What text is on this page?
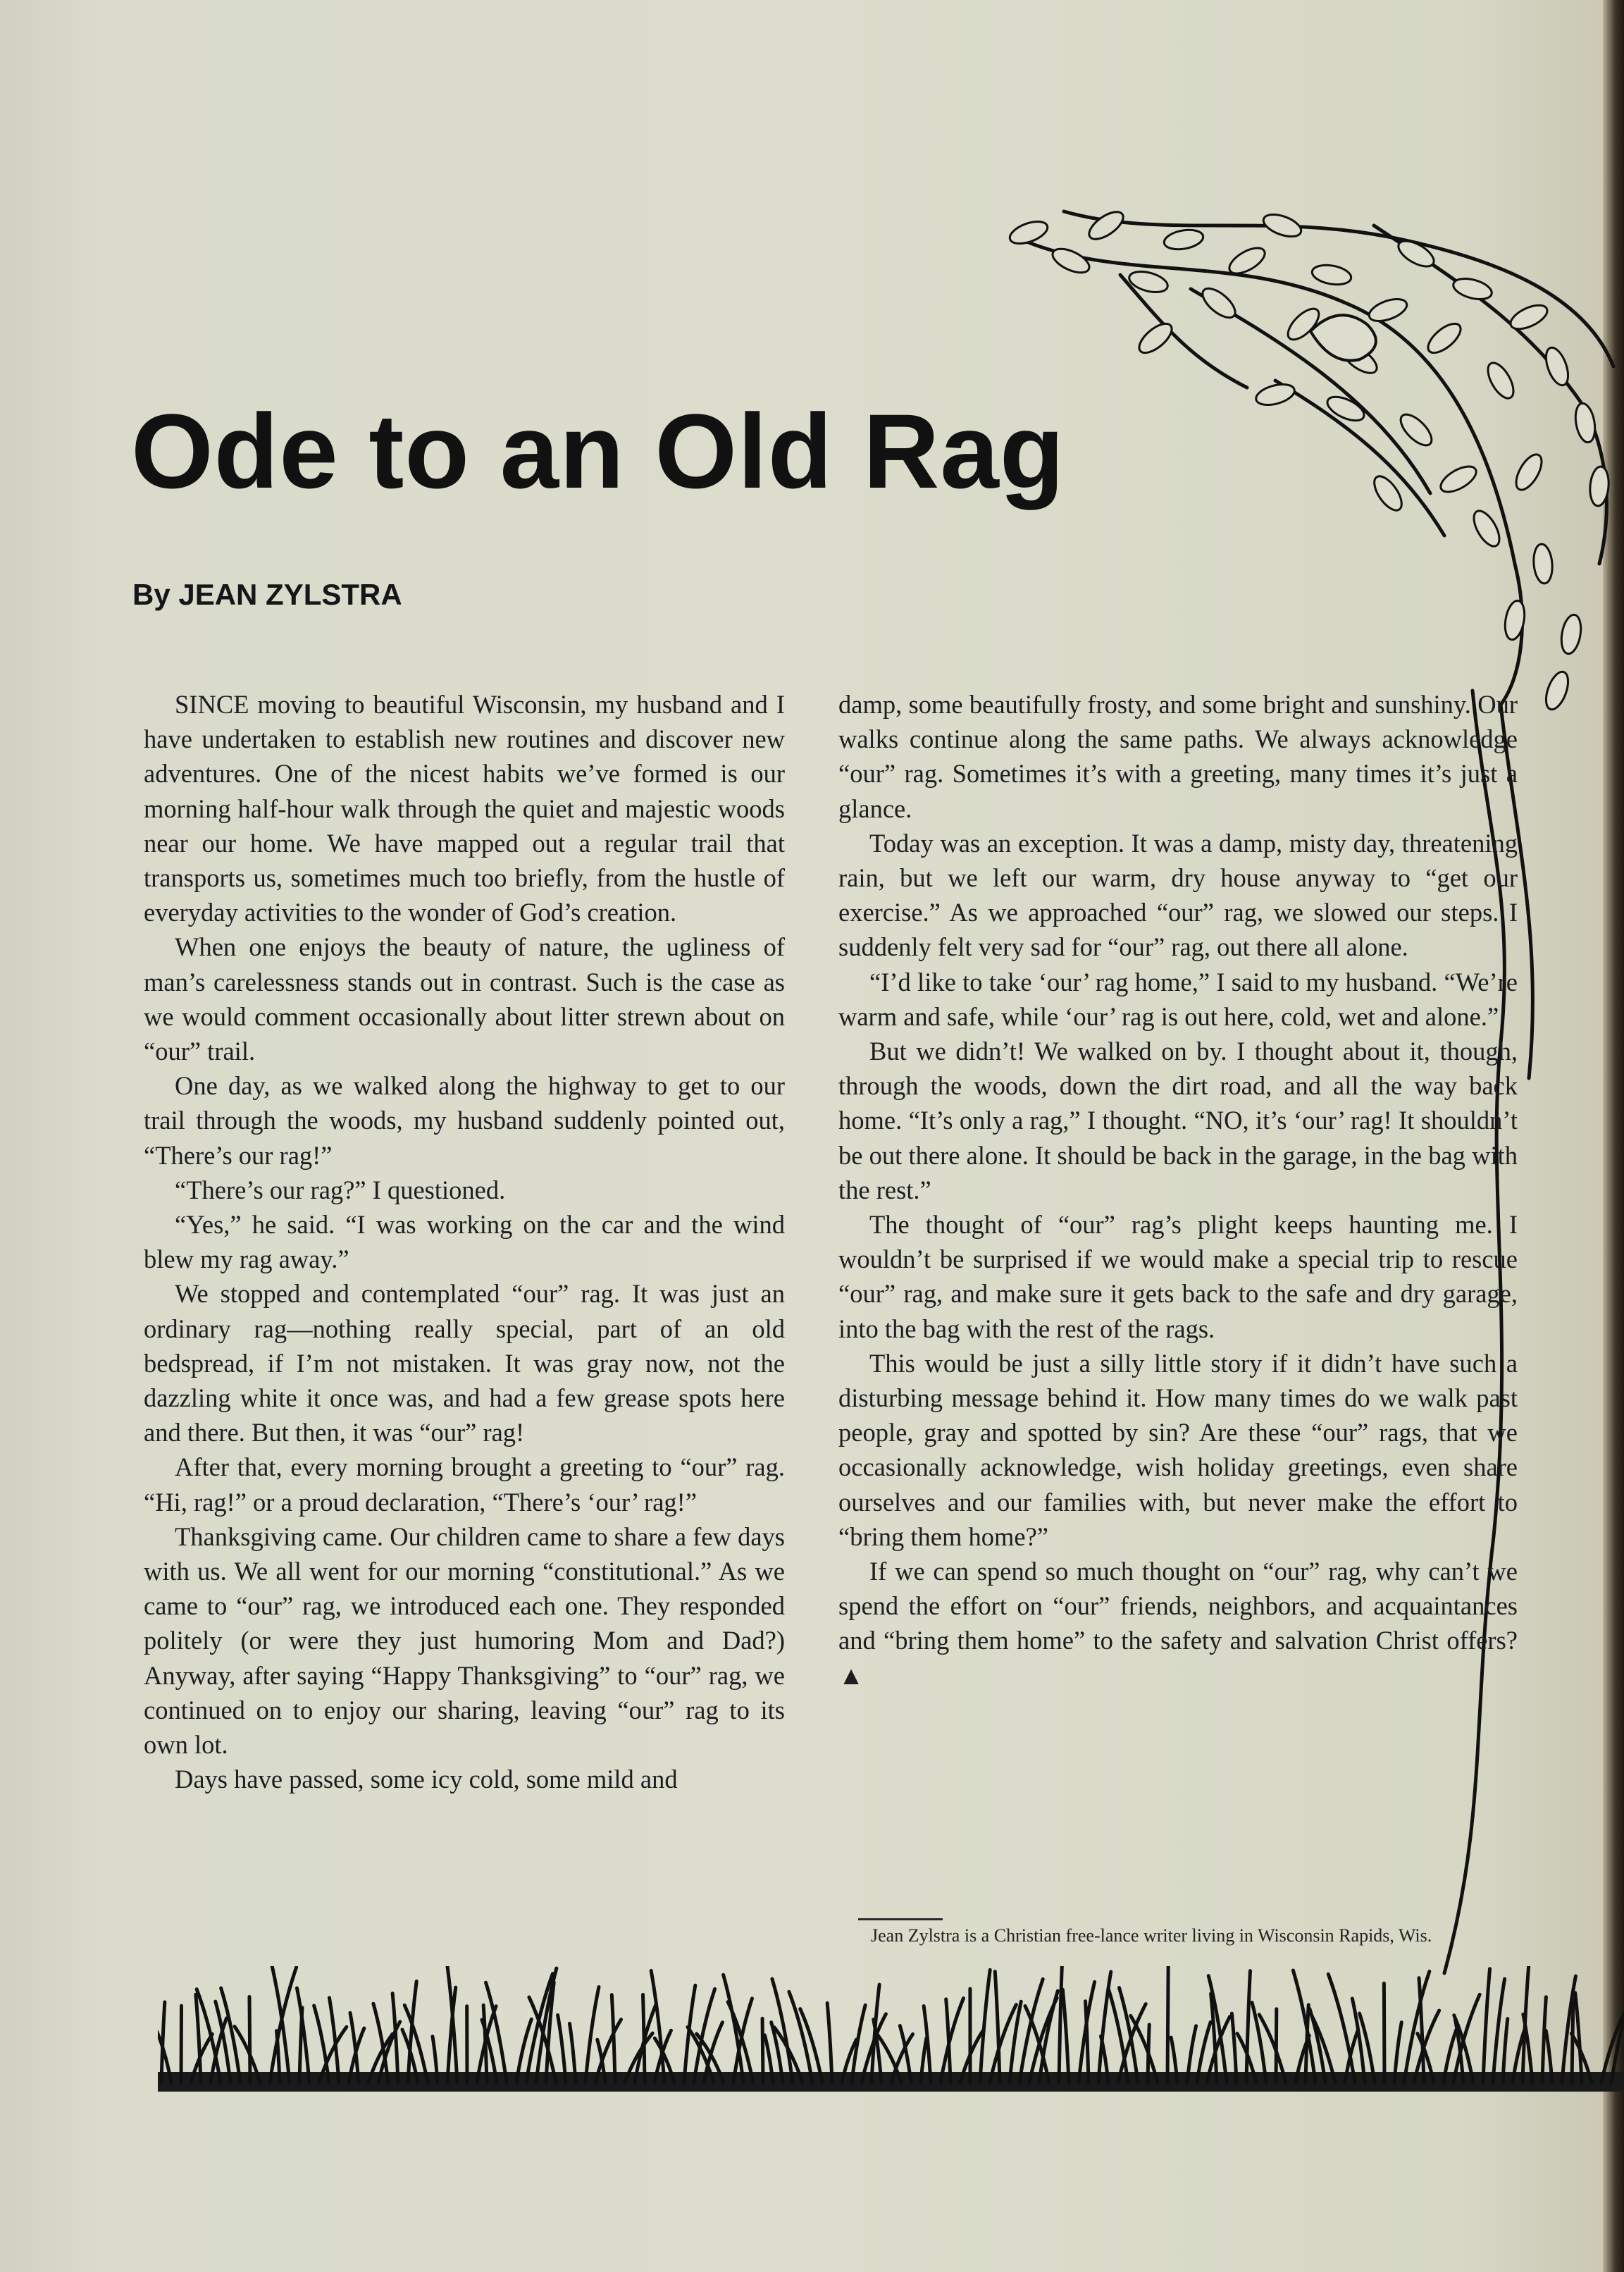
Ode to an Old Rag
By JEAN ZYLSTRA

SINCE moving to beautiful Wisconsin, my husband and I have undertaken to establish new routines and discover new adventures. One of the nicest habits we’ve formed is our morning half-hour walk through the quiet and majestic woods near our home. We have mapped out a regular trail that transports us, sometimes much too briefly, from the hustle of everyday activities to the wonder of God’s creation.

When one enjoys the beauty of nature, the ugliness of man’s carelessness stands out in contrast. Such is the case as we would comment occasionally about litter strewn about on “our” trail.

One day, as we walked along the highway to get to our trail through the woods, my husband suddenly pointed out, “There’s our rag!”

“There’s our rag?” I questioned.

“Yes,” he said. “I was working on the car and the wind blew my rag away.”

We stopped and contemplated “our” rag. It was just an ordinary rag—nothing really special, part of an old bedspread, if I’m not mistaken. It was gray now, not the dazzling white it once was, and had a few grease spots here and there. But then, it was “our” rag!

After that, every morning brought a greeting to “our” rag. “Hi, rag!” or a proud declaration, “There’s ‘our’ rag!”

Thanksgiving came. Our children came to share a few days with us. We all went for our morning “constitutional.” As we came to “our” rag, we introduced each one. They responded politely (or were they just humoring Mom and Dad?) Anyway, after saying “Happy Thanksgiving” to “our” rag, we continued on to enjoy our sharing, leaving “our” rag to its own lot.

Days have passed, some icy cold, some mild and

damp, some beautifully frosty, and some bright and sunshiny. Our walks continue along the same paths. We always acknowledge “our” rag. Sometimes it’s with a greeting, many times it’s just a glance.

Today was an exception. It was a damp, misty day, threatening rain, but we left our warm, dry house anyway to “get our exercise.” As we approached “our” rag, we slowed our steps. I suddenly felt very sad for “our” rag, out there all alone.

“I’d like to take ‘our’ rag home,” I said to my husband. “We’re warm and safe, while ‘our’ rag is out here, cold, wet and alone.”

But we didn’t! We walked on by. I thought about it, though, through the woods, down the dirt road, and all the way back home. “It’s only a rag,” I thought. “NO, it’s ‘our’ rag! It shouldn’t be out there alone. It should be back in the garage, in the bag with the rest.”

The thought of “our” rag’s plight keeps haunting me. I wouldn’t be surprised if we would make a special trip to rescue “our” rag, and make sure it gets back to the safe and dry garage, into the bag with the rest of the rags.

This would be just a silly little story if it didn’t have such a disturbing message behind it. How many times do we walk past people, gray and spotted by sin? Are these “our” rags, that we occasionally acknowledge, wish holiday greetings, even share ourselves and our families with, but never make the effort to “bring them home?”

If we can spend so much thought on “our” rag, why can’t we spend the effort on “our” friends, neighbors, and acquaintances and “bring them home” to the safety and salvation Christ offers?▲

Jean Zylstra is a Christian free-lance writer living in Wisconsin Rapids, Wis.
